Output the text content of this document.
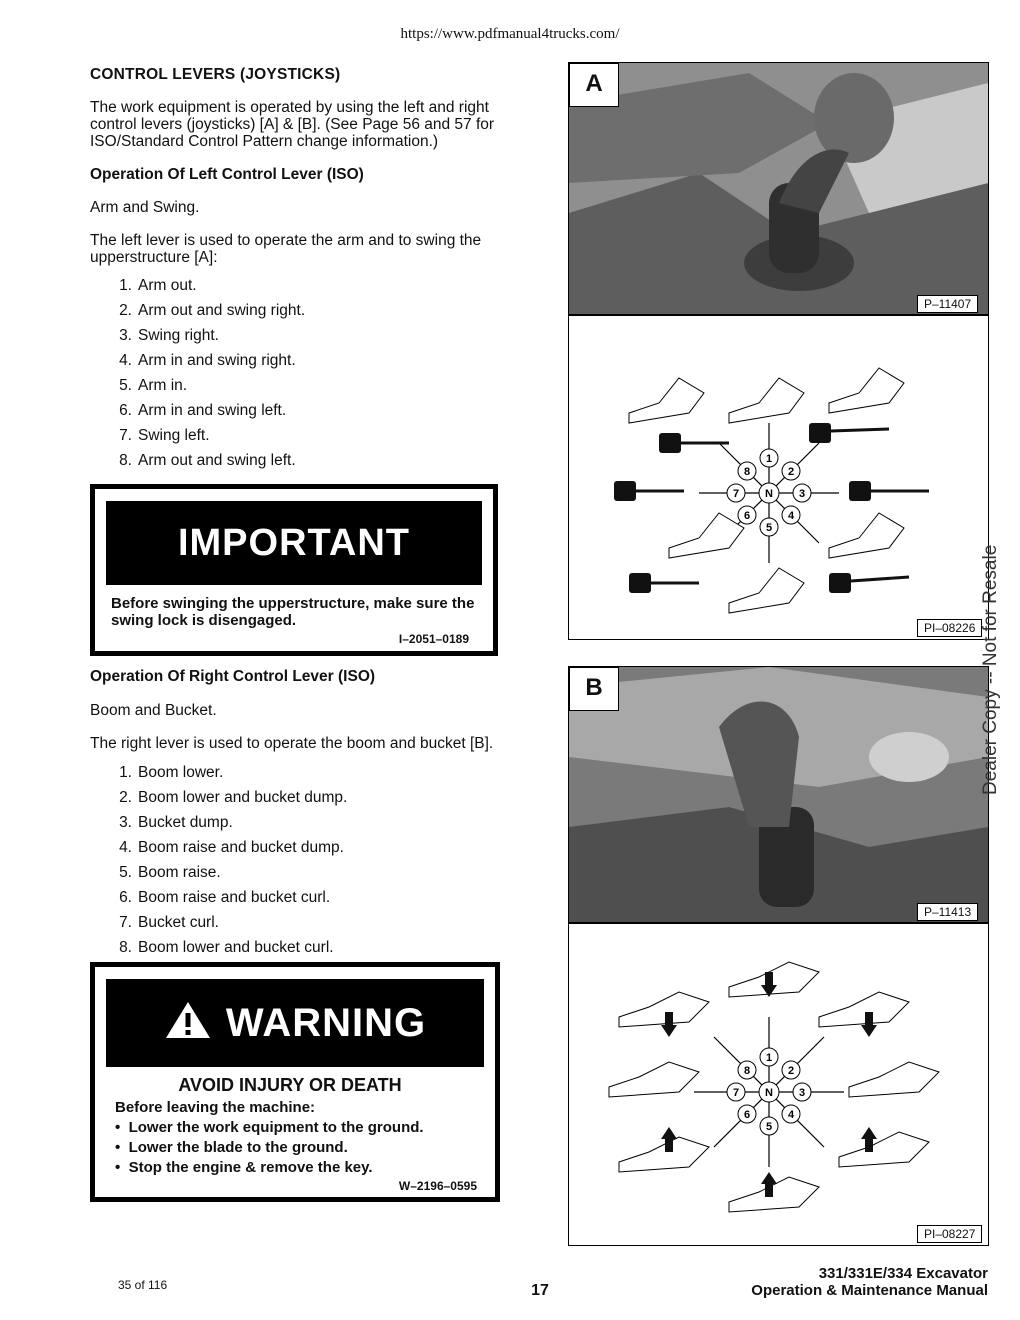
https://www.pdfmanual4trucks.com/
CONTROL LEVERS (JOYSTICKS)

The work equipment is operated by using the left and right control levers (joysticks) [A] & [B]. (See Page 56 and 57 for ISO/Standard Control Pattern change information.)

Operation Of Left Control Lever (ISO)

Arm and Swing.

The left lever is used to operate the arm and to swing the upperstructure [A]:

1. Arm out.
2. Arm out and swing right.
3. Swing right.
4. Arm in and swing right.
5. Arm in.
6. Arm in and swing left.
7. Swing left.
8. Arm out and swing left.
IMPORTANT
Before swinging the upperstructure, make sure the swing lock is disengaged.
I–2051–0189
Operation Of Right Control Lever (ISO)

Boom and Bucket.

The right lever is used to operate the boom and bucket [B].

1. Boom lower.
2. Boom lower and bucket dump.
3. Bucket dump.
4. Boom raise and bucket dump.
5. Boom raise.
6. Boom raise and bucket curl.
7. Bucket curl.
8. Boom lower and bucket curl.
WARNING
AVOID INJURY OR DEATH
Before leaving the machine:
•  Lower the work equipment to the ground.
•  Lower the blade to the ground.
•  Stop the engine & remove the key.
W–2196–0595
A
P–11407
1
2
3
4
5
6
7
8
N
PI–08226
B
P–11413
1
2
3
4
5
6
7
8
N
PI–08227
Dealer Copy -- Not for Resale
35 of 116	17
331/331E/334 Excavator
Operation & Maintenance Manual
